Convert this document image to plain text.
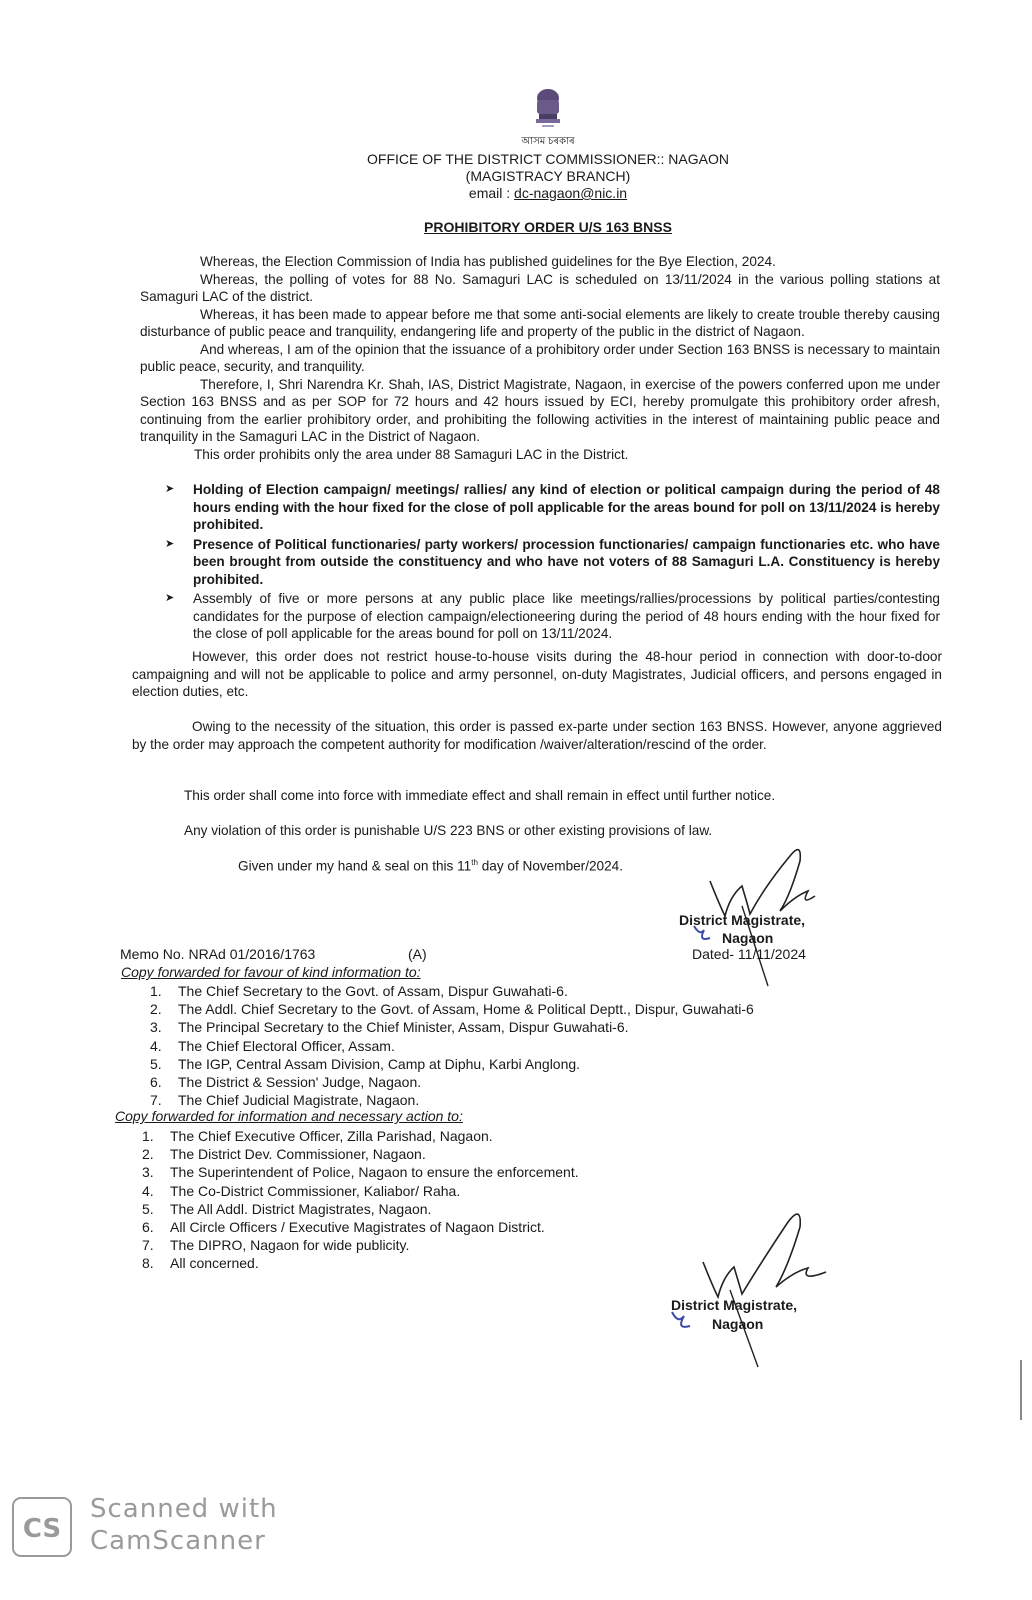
আসম চৰকাৰ
OFFICE OF THE DISTRICT COMMISSIONER:: NAGAON
(MAGISTRACY BRANCH)
email : dc-nagaon@nic.in
PROHIBITORY ORDER U/S 163 BNSS

Whereas, the Election Commission of India has published guidelines for the Bye Election, 2024.

Whereas, the polling of votes for 88 No. Samaguri LAC is scheduled on 13/11/2024 in the various polling stations at Samaguri LAC of the district.

Whereas, it has been made to appear before me that some anti-social elements are likely to create trouble thereby causing disturbance of public peace and tranquility, endangering life and property of the public in the district of Nagaon.

And whereas, I am of the opinion that the issuance of a prohibitory order under Section 163 BNSS is necessary to maintain public peace, security, and tranquility.

Therefore, I, Shri Narendra Kr. Shah, IAS, District Magistrate, Nagaon, in exercise of the powers conferred upon me under Section 163 BNSS and as per SOP for 72 hours and 42 hours issued by ECI, hereby promulgate this prohibitory order afresh, continuing from the earlier prohibitory order, and prohibiting the following activities in the interest of maintaining public peace and tranquility in the Samaguri LAC in the District of Nagaon.

This order prohibits only the area under 88 Samaguri LAC in the District.

➤	Holding of Election campaign/ meetings/ rallies/ any kind of election or political campaign during the period of 48 hours ending with the hour fixed for the close of poll applicable for the areas bound for poll on 13/11/2024 is hereby prohibited.
➤	Presence of Political functionaries/ party workers/ procession functionaries/ campaign functionaries etc. who have been brought from outside the constituency and who have not voters of 88 Samaguri L.A. Constituency is hereby prohibited.
➤	Assembly of five or more persons at any public place like meetings/rallies/processions by political parties/contesting candidates for the purpose of election campaign/electioneering during the period of 48 hours ending with the hour fixed for the close of poll applicable for the areas bound for poll on 13/11/2024.
However, this order does not restrict house-to-house visits during the 48-hour period in connection with door-to-door campaigning and will not be applicable to police and army personnel, on-duty Magistrates, Judicial officers, and persons engaged in election duties, etc.
Owing to the necessity of the situation, this order is passed ex-parte under section 163 BNSS. However, anyone aggrieved by the order may approach the competent authority for modification /waiver/alteration/rescind of the order.
This order shall come into force with immediate effect and shall remain in effect until further notice.
Any violation of this order is punishable U/S 223 BNS or other existing provisions of law.
Given under my hand & seal on this 11th day of November/2024.
District Magistrate,
Nagaon
Dated- 11/11/2024
Memo No. NRAd 01/2016/1763	(A)
Copy forwarded for favour of kind information to:
1.	The Chief Secretary to the Govt. of Assam, Dispur Guwahati-6.
2.	The Addl. Chief Secretary to the Govt. of Assam, Home & Political Deptt., Dispur, Guwahati-6
3.	The Principal Secretary to the Chief Minister, Assam, Dispur Guwahati-6.
4.	The Chief Electoral Officer, Assam.
5.	The IGP, Central Assam Division, Camp at Diphu, Karbi Anglong.
6.	The District & Session' Judge, Nagaon.
7.	The Chief Judicial Magistrate, Nagaon.
Copy forwarded for information and necessary action to:
1.	The Chief Executive Officer, Zilla Parishad, Nagaon.
2.	The District Dev. Commissioner, Nagaon.
3.	The Superintendent of Police, Nagaon to ensure the enforcement.
4.	The Co-District Commissioner, Kaliabor/ Raha.
5.	The All Addl. District Magistrates, Nagaon.
6.	All Circle Officers / Executive Magistrates of Nagaon District.
7.	The DIPRO, Nagaon for wide publicity.
8.	All concerned.
District Magistrate,
Nagaon
CS
Scanned with
CamScanner
